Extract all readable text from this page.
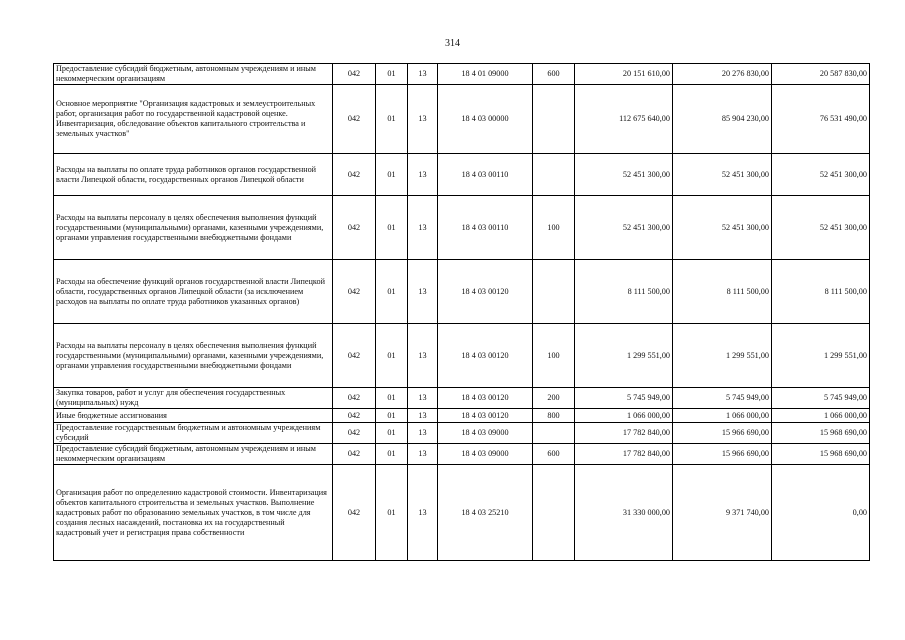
314
Предоставление субсидий бюджетным, автономным учреждениям и иным некоммерческим организациям	042	01	13	18 4 01 09000	600	20 151 610,00	20 276 830,00	20 587 830,00
Основное мероприятие "Организация кадастровых и землеустроительных работ, организация работ по государственной кадастровой оценке. Инвентаризация, обследование объектов капитального строительства и земельных участков"	042	01	13	18 4 03 00000		112 675 640,00	85 904 230,00	76 531 490,00
Расходы на выплаты по оплате труда работников органов государственной власти Липецкой области, государственных органов Липецкой области	042	01	13	18 4 03 00110		52 451 300,00	52 451 300,00	52 451 300,00
Расходы на выплаты персоналу в целях обеспечения выполнения функций государственными (муниципальными) органами, казенными учреждениями, органами управления государственными внебюджетными фондами	042	01	13	18 4 03 00110	100	52 451 300,00	52 451 300,00	52 451 300,00
Расходы на обеспечение функций органов государственной власти Липецкой области, государственных органов Липецкой области (за исключением расходов на выплаты по оплате труда работников указанных органов)	042	01	13	18 4 03 00120		8 111 500,00	8 111 500,00	8 111 500,00
Расходы на выплаты персоналу в целях обеспечения выполнения функций государственными (муниципальными) органами, казенными учреждениями, органами управления государственными внебюджетными фондами	042	01	13	18 4 03 00120	100	1 299 551,00	1 299 551,00	1 299 551,00
Закупка товаров, работ и услуг для обеспечения государственных (муниципальных) нужд	042	01	13	18 4 03 00120	200	5 745 949,00	5 745 949,00	5 745 949,00
Иные бюджетные ассигнования	042	01	13	18 4 03 00120	800	1 066 000,00	1 066 000,00	1 066 000,00
Предоставление государственным бюджетным и автономным учреждениям субсидий	042	01	13	18 4 03 09000		17 782 840,00	15 966 690,00	15 968 690,00
Предоставление субсидий бюджетным, автономным учреждениям и иным некоммерческим организациям	042	01	13	18 4 03 09000	600	17 782 840,00	15 966 690,00	15 968 690,00
Организация работ по определению кадастровой стоимости. Инвентаризация объектов капитального строительства и земельных участков. Выполнение кадастровых работ по образованию земельных участков, в том числе для создания лесных насаждений, постановка их на государственный кадастровый учет и регистрация права собственности	042	01	13	18 4 03 25210		31 330 000,00	9 371 740,00	0,00
